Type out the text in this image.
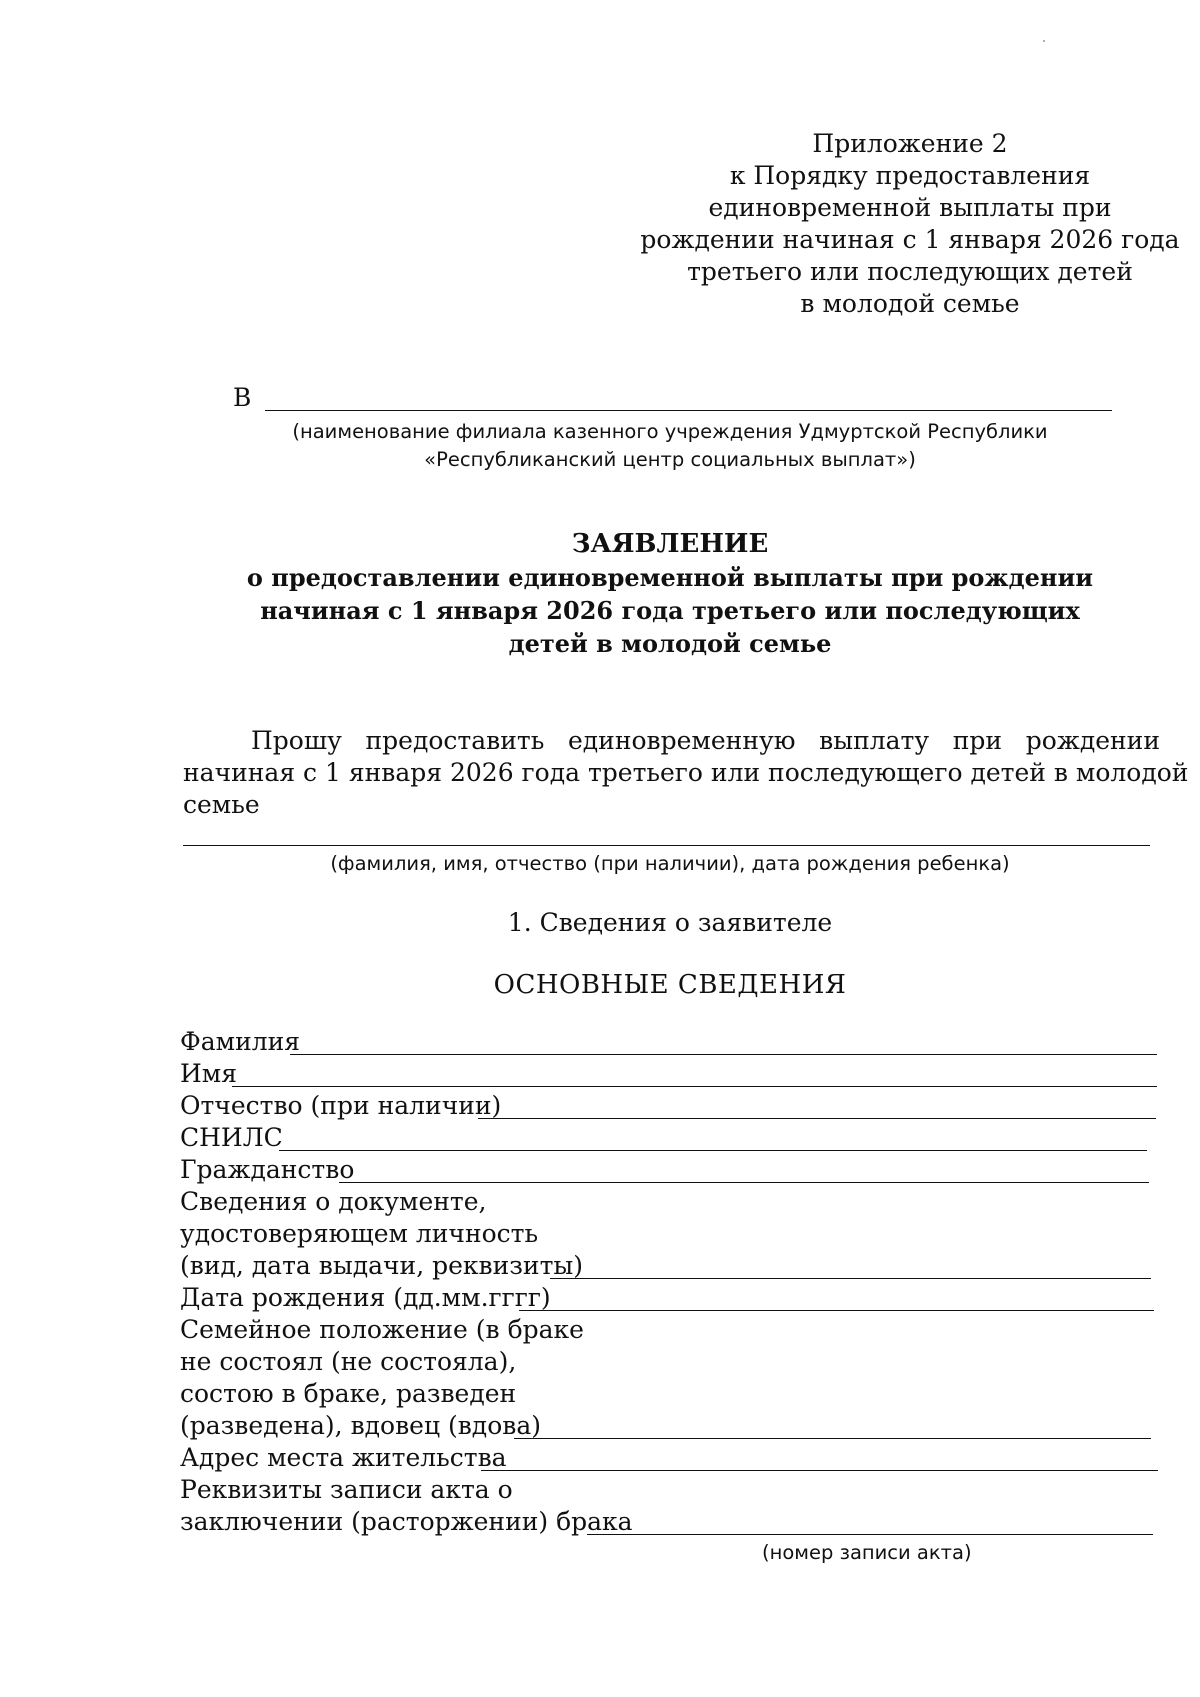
Приложение 2
к Порядку предоставления
единовременной выплаты при
рождении начиная с 1 января 2026 года
третьего или последующих детей
в молодой семье
В
(наименование филиала казенного учреждения Удмуртской Республики
«Республиканский центр социальных выплат»)
ЗАЯВЛЕНИЕ
о предоставлении единовременной выплаты при рождении
начиная с 1 января 2026 года третьего или последующих
детей в молодой семье
Прошу предоставить единовременную выплату при рождении
начиная с 1 января 2026 года третьего или последующего детей в молодой
семье
(фамилия, имя, отчество (при наличии), дата рождения ребенка)
1. Сведения о заявителе
ОСНОВНЫЕ СВЕДЕНИЯ
Фамилия
Имя
Отчество (при наличии)
СНИЛС
Гражданство
Сведения о документе,
удостоверяющем личность
(вид, дата выдачи, реквизиты)
Дата рождения (дд.мм.гггг)
Семейное положение (в браке
не состоял (не состояла),
состою в браке, разведен
(разведена), вдовец (вдова)
Адрес места жительства
Реквизиты записи акта о
заключении (расторжении) брака
(номер записи акта)
